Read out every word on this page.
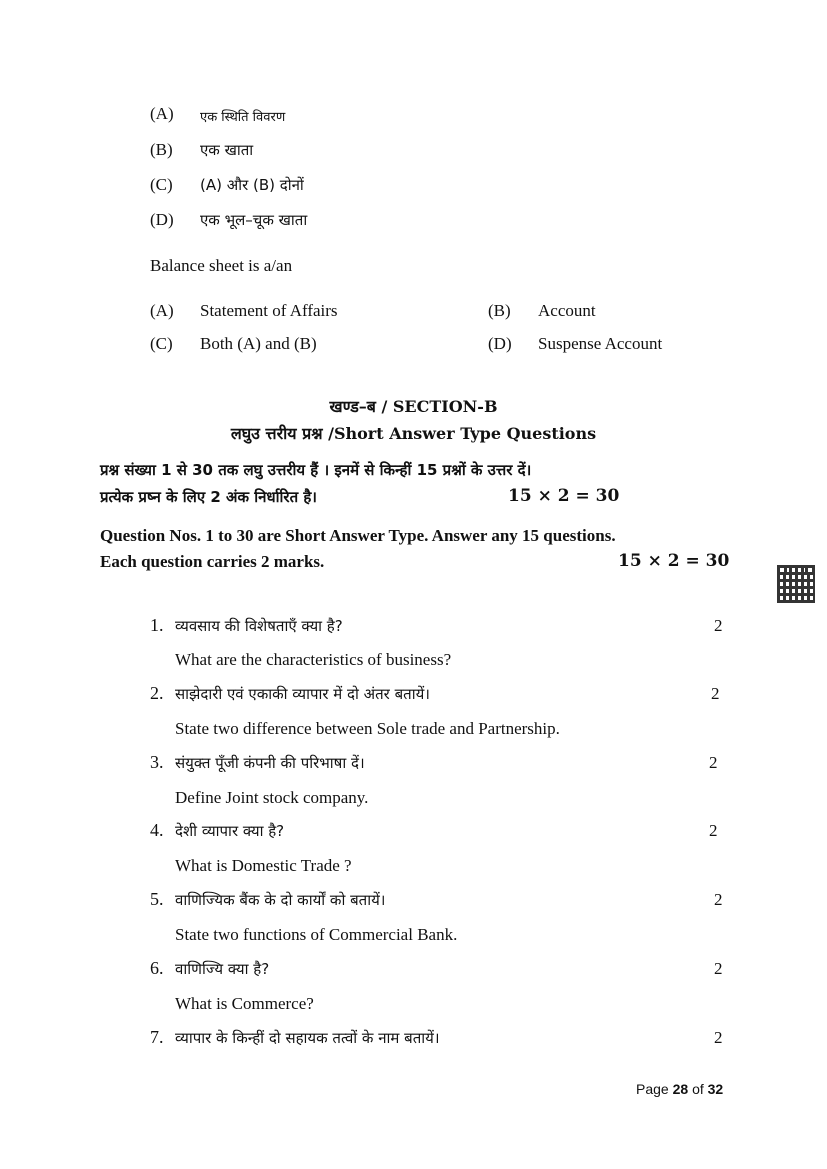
(A) एक स्थिति विवरण
(B) एक खाता
(C) (A) और (B) दोनों
(D) एक भूल–चूक खाता
Balance sheet is a/an
(A) Statement of Affairs	(B) Account
(C) Both (A) and (B)	(D) Suspense Account
खण्ड–ब / SECTION-B
लघुउ त्तरीय प्रश्न /Short Answer Type Questions
प्रश्न संख्या 1 से 30 तक लघु उत्तरीय हैं । इनमें से किन्हीं 15 प्रश्नों के उत्तर दें।
प्रत्येक प्रष्न के लिए 2 अंक निर्धारित है।	15 × 2 = 30
Question Nos. 1 to 30 are Short Answer Type. Answer any 15 questions.
Each question carries 2 marks.	15 × 2 = 30
1. व्यवसाय की विशेषताएँ क्या है?	2
What are the characteristics of business?
2. साझेदारी एवं एकाकी व्यापार में दो अंतर बतायें।	2
State two difference between Sole trade and Partnership.
3. संयुक्त पूँजी कंपनी की परिभाषा दें।	2
Define Joint stock company.
4. देशी व्यापार क्या है?	2
What is Domestic Trade ?
5. वाणिज्यिक बैंक के दो कार्यों को बतायें।	2
State two functions of Commercial Bank.
6. वाणिज्यि क्या है?	2
What is Commerce?
7. व्यापार के किन्हीं दो सहायक तत्वों के नाम बतायें।	2
Page 28 of 32
